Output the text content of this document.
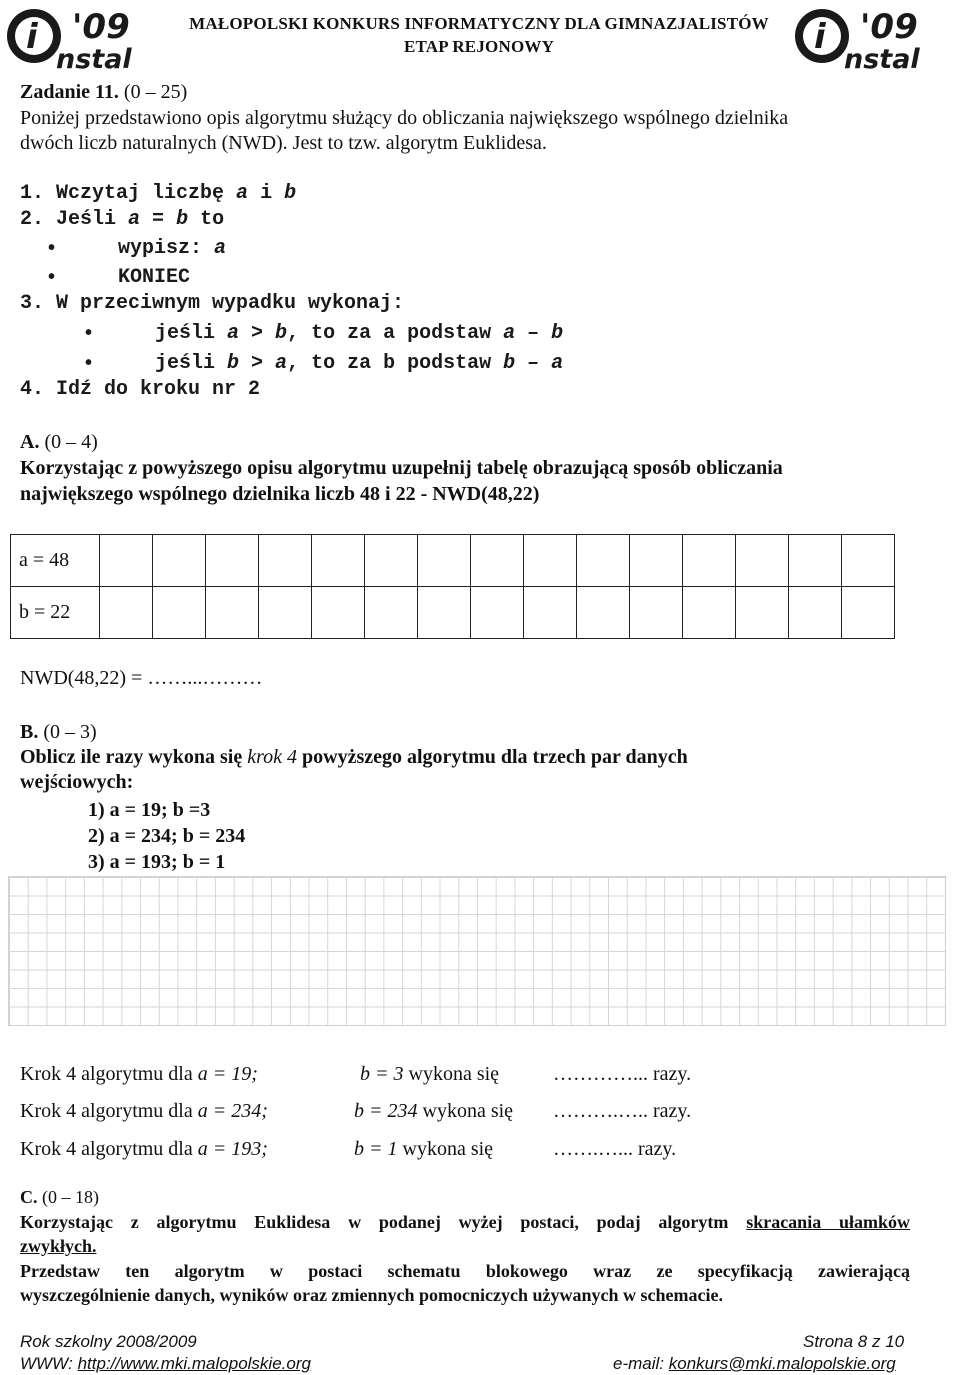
i '09
nstal
i '09
nstal
MAŁOPOLSKI KONKURS INFORMATYCZNY DLA GIMNAZJALISTÓW
ETAP REJONOWY
Zadanie 11. (0 – 25)
Poniżej przedstawiono opis algorytmu służący do obliczania największego wspólnego dzielnika
dwóch liczb naturalnych (NWD). Jest to tzw. algorytm Euklidesa.
1. Wczytaj liczbę a i b
2. Jeśli a = b to
• wypisz: a
• KONIEC
3. W przeciwnym wypadku wykonaj:
• jeśli a > b, to za a podstaw a – b
• jeśli b > a, to za b podstaw b – a
4. Idź do kroku nr 2
A. (0 – 4)
Korzystając z powyższego opisu algorytmu uzupełnij tabelę obrazującą sposób obliczania
największego wspólnego dzielnika liczb 48 i 22 - NWD(48,22)
a = 48															
b = 22															
NWD(48,22) = ……...………
B. (0 – 3)
Oblicz ile razy wykona się krok 4 powyższego algorytmu dla trzech par danych
wejściowych:
1) a = 19; b =3
2) a = 234; b = 234
3) a = 193; b = 1
Krok 4 algorytmu dla a = 19;	b = 3 wykona się	…………... razy.
Krok 4 algorytmu dla a = 234;	b = 234 wykona się ……….….. razy.
Krok 4 algorytmu dla a = 193;	b = 1 wykona się	…….…... razy.
C. (0 – 18)
Korzystając z algorytmu Euklidesa w podanej wyżej postaci, podaj algorytm skracania ułamków
zwykłych.
Przedstaw ten algorytm w postaci schematu blokowego wraz ze specyfikacją zawierającą
wyszczególnienie danych, wyników oraz zmiennych pomocniczych używanych w schemacie.
Rok szkolny 2008/2009	Strona 8 z 10
WWW: http://www.mki.malopolskie.org	e-mail: konkurs@mki.malopolskie.org
